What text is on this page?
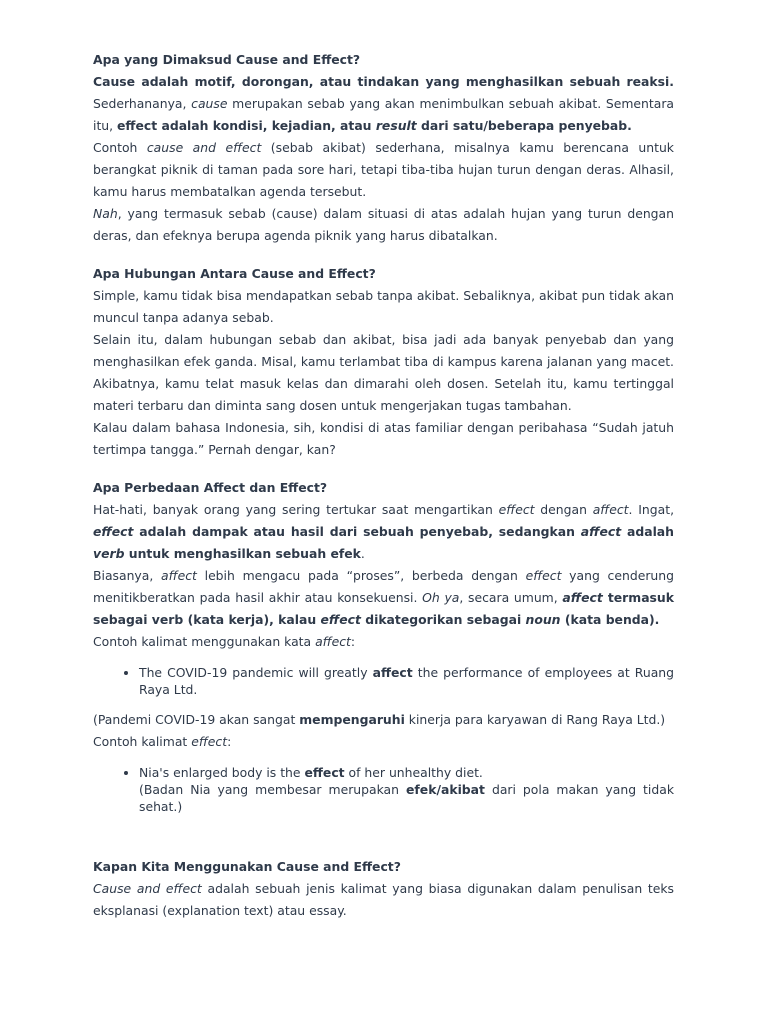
Apa yang Dimaksud Cause and Effect?

Cause adalah motif, dorongan, atau tindakan yang menghasilkan sebuah reaksi. Sederhananya, cause merupakan sebab yang akan menimbulkan sebuah akibat. Sementara itu, effect adalah kondisi, kejadian, atau result dari satu/beberapa penyebab.

Contoh cause and effect (sebab akibat) sederhana, misalnya kamu berencana untuk berangkat piknik di taman pada sore hari, tetapi tiba-tiba hujan turun dengan deras. Alhasil, kamu harus membatalkan agenda tersebut.

Nah, yang termasuk sebab (cause) dalam situasi di atas adalah hujan yang turun dengan deras, dan efeknya berupa agenda piknik yang harus dibatalkan.

Apa Hubungan Antara Cause and Effect?

Simple, kamu tidak bisa mendapatkan sebab tanpa akibat. Sebaliknya, akibat pun tidak akan muncul tanpa adanya sebab.

Selain itu, dalam hubungan sebab dan akibat, bisa jadi ada banyak penyebab dan yang menghasilkan efek ganda. Misal, kamu terlambat tiba di kampus karena jalanan yang macet. Akibatnya, kamu telat masuk kelas dan dimarahi oleh dosen. Setelah itu, kamu tertinggal materi terbaru dan diminta sang dosen untuk mengerjakan tugas tambahan.

Kalau dalam bahasa Indonesia, sih, kondisi di atas familiar dengan peribahasa “Sudah jatuh tertimpa tangga.” Pernah dengar, kan?

Apa Perbedaan Affect dan Effect?

Hat-hati, banyak orang yang sering tertukar saat mengartikan effect dengan affect. Ingat, effect adalah dampak atau hasil dari sebuah penyebab, sedangkan affect adalah verb untuk menghasilkan sebuah efek.

Biasanya, affect lebih mengacu pada “proses”, berbeda dengan effect yang cenderung menitikberatkan pada hasil akhir atau konsekuensi. Oh ya, secara umum, affect termasuk sebagai verb (kata kerja), kalau effect dikategorikan sebagai noun (kata benda).

Contoh kalimat menggunakan kata affect:

• The COVID-19 pandemic will greatly affect the performance of employees at Ruang Raya Ltd.

(Pandemi COVID-19 akan sangat mempengaruhi kinerja para karyawan di Rang Raya Ltd.)

Contoh kalimat effect:

• Nia's enlarged body is the effect of her unhealthy diet.
(Badan Nia yang membesar merupakan efek/akibat dari pola makan yang tidak sehat.)

Kapan Kita Menggunakan Cause and Effect?

Cause and effect adalah sebuah jenis kalimat yang biasa digunakan dalam penulisan teks eksplanasi (explanation text) atau essay.
